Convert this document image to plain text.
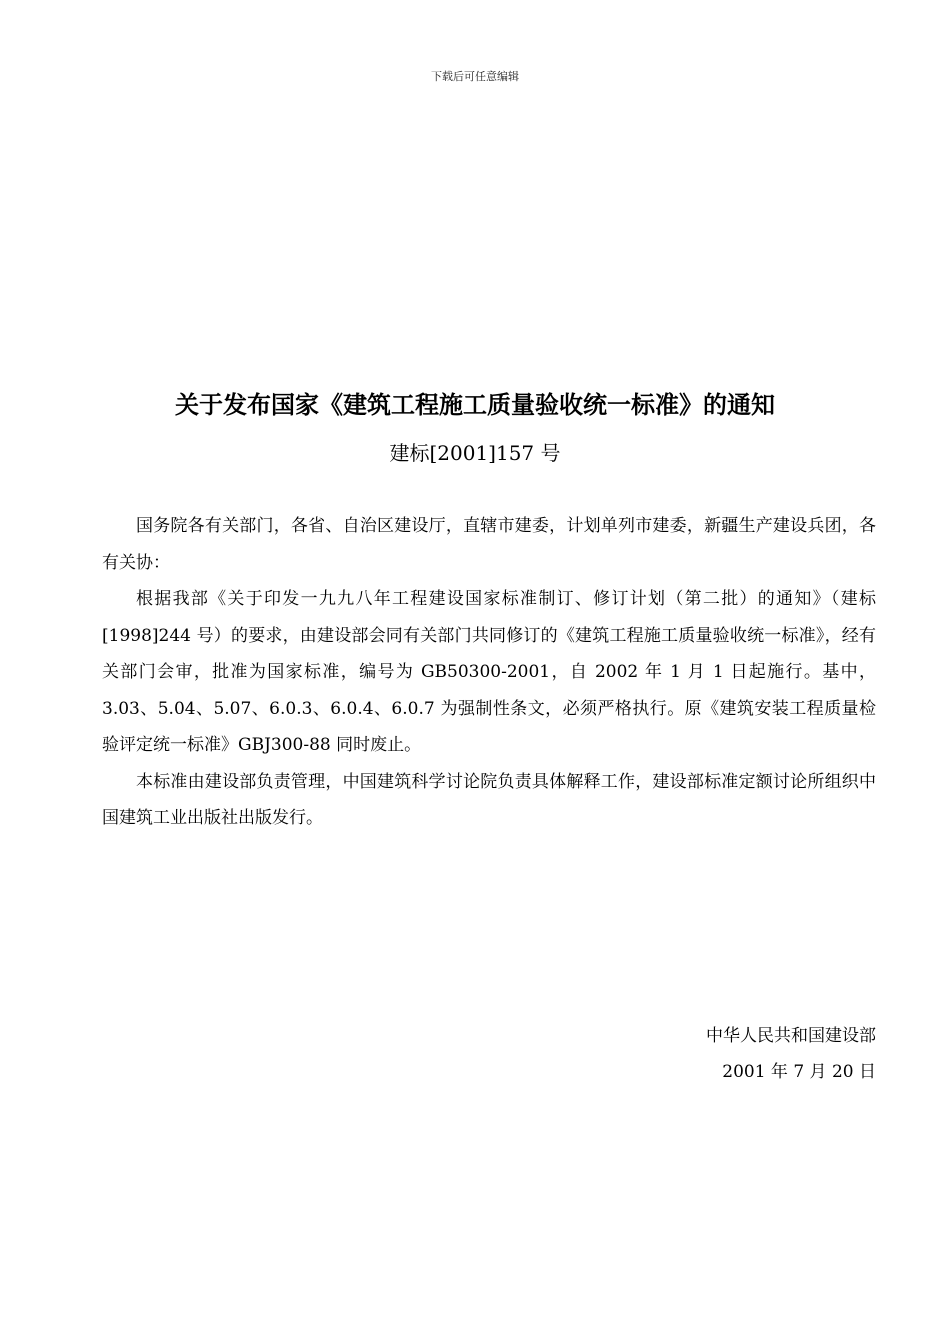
下载后可任意编辑
关于发布国家《建筑工程施工质量验收统一标准》的通知
建标[2001]157 号

国务院各有关部门，各省、自治区建设厅，直辖市建委，计划单列市建委，新疆生产建设兵团，各有关协：

根据我部《关于印发一九九八年工程建设国家标准制订、修订计划（第二批）的通知》（建标[1998]244 号）的要求，由建设部会同有关部门共同修订的《建筑工程施工质量验收统一标准》，经有关部门会审，批准为国家标准，编号为 GB50300-2001，自 2002 年 1 月 1 日起施行。基中，3.03、5.04、5.07、6.0.3、6.0.4、6.0.7 为强制性条文，必须严格执行。原《建筑安装工程质量检验评定统一标准》GBJ300-88 同时废止。

本标准由建设部负责管理，中国建筑科学讨论院负责具体解释工作，建设部标准定额讨论所组织中国建筑工业出版社出版发行。

中华人民共和国建设部
2001 年 7 月 20 日
